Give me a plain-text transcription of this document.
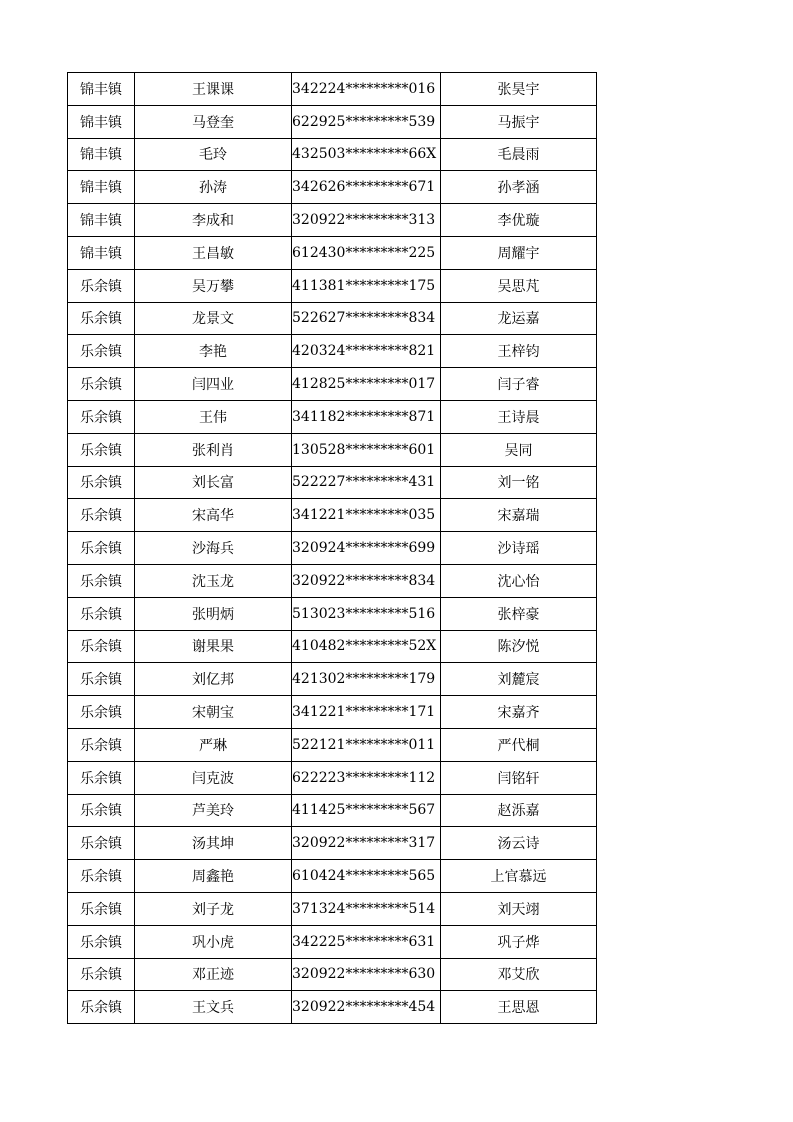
锦丰镇	王课课	342224*********016	张昊宇
锦丰镇	马登奎	622925*********539	马振宇
锦丰镇	毛玲	432503*********66X	毛晨雨
锦丰镇	孙涛	342626*********671	孙孝涵
锦丰镇	李成和	320922*********313	李优璇
锦丰镇	王昌敏	612430*********225	周耀宇
乐余镇	吴万攀	411381*********175	吴思芃
乐余镇	龙景文	522627*********834	龙运嘉
乐余镇	李艳	420324*********821	王梓钧
乐余镇	闫四业	412825*********017	闫子睿
乐余镇	王伟	341182*********871	王诗晨
乐余镇	张利肖	130528*********601	吴同
乐余镇	刘长富	522227*********431	刘一铭
乐余镇	宋高华	341221*********035	宋嘉瑞
乐余镇	沙海兵	320924*********699	沙诗瑶
乐余镇	沈玉龙	320922*********834	沈心怡
乐余镇	张明炳	513023*********516	张梓豪
乐余镇	谢果果	410482*********52X	陈汐悦
乐余镇	刘亿邦	421302*********179	刘麓宸
乐余镇	宋朝宝	341221*********171	宋嘉齐
乐余镇	严琳	522121*********011	严代桐
乐余镇	闫克波	622223*********112	闫铭轩
乐余镇	芦美玲	411425*********567	赵泺嘉
乐余镇	汤其坤	320922*********317	汤云诗
乐余镇	周鑫艳	610424*********565	上官慕远
乐余镇	刘子龙	371324*********514	刘天翊
乐余镇	巩小虎	342225*********631	巩子烨
乐余镇	邓正迹	320922*********630	邓艾欣
乐余镇	王文兵	320922*********454	王思恩
